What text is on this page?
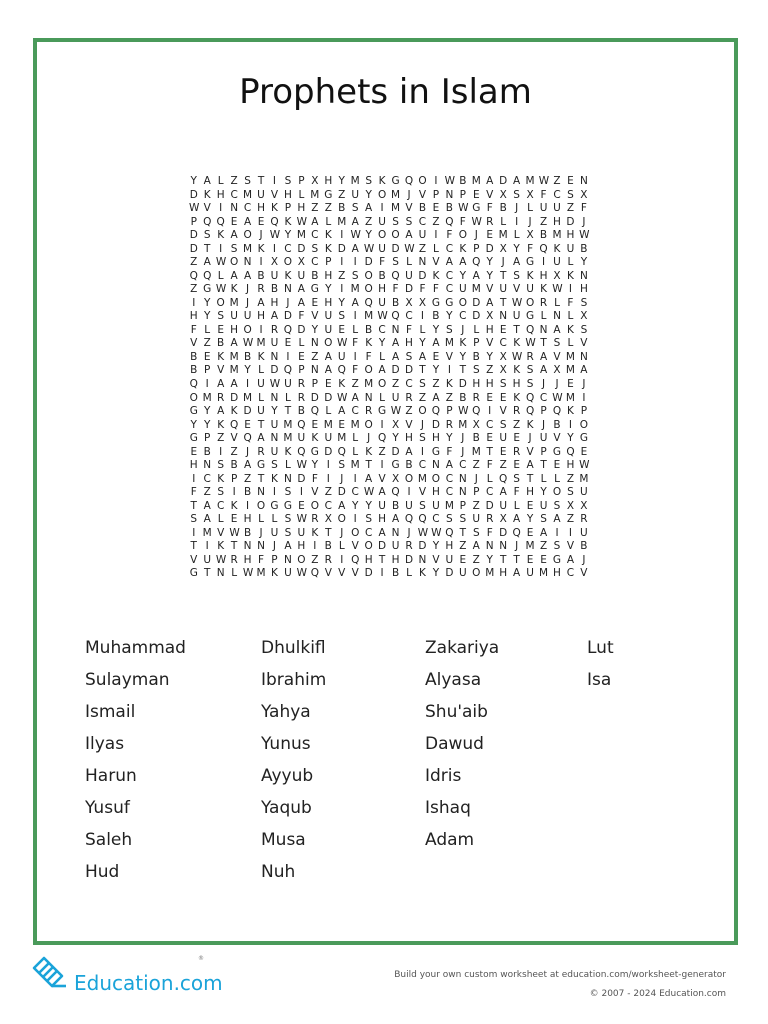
Prophets in Islam
Y A L Z S T I S P X H Y M S K G Q O I W B M A D A M W Z E N
D K H C M U V H L M G Z U Y O M J V P N P E V X S X F C S X
W V I N C H K P H Z Z B S A I M V B E B W G F B J L U U Z F
P Q Q E A E Q K W A L M A Z U S S C Z Q F W R L I J Z H D J
D S K A O J W Y M C K I W Y O O A U I F O J E M L X B M H W
D T I S M K I C D S K D A W U D W Z L C K P D X Y F Q K U B
Z A W O N I X O X C P I I D F S L N V A A Q Y J A G I U L Y
Q Q L A A B U K U B H Z S O B Q U D K C Y A Y T S K H X K N
Z G W K J R B N A G Y I M O H F D F F C U M V U V U K W I H
I Y O M J A H J A E H Y A Q U B X X G G O D A T W O R L F S
H Y S U U H A D F V U S I M W Q C I B Y C D X N U G L N L X
F L E H O I R Q D Y U E L B C N F L Y S J L H E T Q N A K S
V Z B A W M U E L N O W F K Y A H Y A M K P V C K W T S L V
B E K M B K N I E Z A U I F L A S A E V Y B Y X W R A V M N
B P V M Y L D Q P N A Q F O A D D T Y I T S Z X K S A X M A
Q I A A I U W U R P E K Z M O Z C S Z K D H H S H S J J E J
O M R D M L N L R D D W A N L U R Z A Z B R E E K Q C W M I
G Y A K D U Y T B Q L A C R G W Z O Q P W Q I V R Q P Q K P
Y Y K Q E T U M Q E M E M O I X V J D R M X C S Z K J B I O
G P Z V Q A N M U K U M L J Q Y H S H Y J B E U E J U V Y G
E B I Z J R U K Q G D Q L K Z D A I G F J M T E R V P G Q E
H N S B A G S L W Y I S M T I G B C N A C Z F Z E A T E H W
I C K P Z T K N D F I J I A V X O M O C N J L Q S T L L Z M
F Z S I B N I S I V Z D C W A Q I V H C N P C A F H Y O S U
T A C K I O G G E O C A Y Y U B U S U M P Z D U L E U S X X
S A L E H L L S W R X O I S H A Q Q C S S U R X A Y S A Z R
I M V W B J U S U K T J O C A N J W W Q T S F D Q E A I I U
T I K T N N J A H I B L V O D U R D Y H Z A N N J M Z S V B
V U W R H F P N O Z R I Q H T H D N V U E Z Y T T E E G A J
G T N L W M K U W Q V V V D I B L K Y D U O M H A U M H C V
Muhammad
Sulayman
Ismail
Ilyas
Harun
Yusuf
Saleh
Hud
Dhulkifl
Ibrahim
Yahya
Yunus
Ayyub
Yaqub
Musa
Nuh
Zakariya
Alyasa
Shu'aib
Dawud
Idris
Ishaq
Adam
Lut
Isa
Education.com
®
Build your own custom worksheet at education.com/worksheet-generator
© 2007 - 2024 Education.com
